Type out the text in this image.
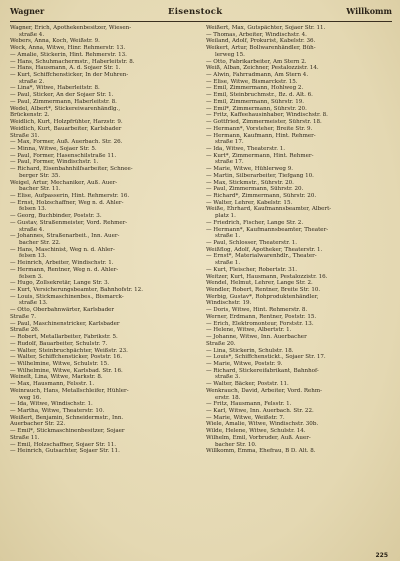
Wagner	Eisenstock	Willkomm
Wagner, Erich, Apothekenbesitzer, Wiesen-
straße 4.
Webers, Anna, Koch, Weißstr. 9.
Weck, Anna, Witwe, Hinr. Rehmerstr. 13.
— Amalie, Stickerin, Hint. Rehmerstr. 13.
— Hans, Schuhmachermstr., Haberleitstr. 8.
— Hans, Hausmann, A. d. Sojaer Str. 1.
— Kurt, Schiffchensticker, In der Muhren-
straße 2.
— Lina*, Witwe, Haberleitstr. 8.
— Paul, Sticker, An der Sojaer Str. 1.
— Paul, Zimmermann, Haberleitstr. 8.
Wedel, Albert*, Stickereiwarenhändlg.,
Brückenstr. 2.
Weidlich, Kurt, Holzpfrühter, Harzstr. 9.
Weidlich, Kurt, Bauarbeiter, Karlsbader
Straße 31.
— Max, Former, Auß. Auerbach. Str. 26.
— Minna, Witwe, Sojaer Str. 5.
— Paul, Former, Hasenschilstraße 11.
— Paul, Former, Windischstr. 1.
— Richard, Eisenbahnhilfsarbeiter, Schnee-
berger Str. 35.
Weigel, Artur, Mechaniker, Auß. Auer-
bacher Str. 11.
— Elise, Aufpasserin, Hint. Rehmerstr. 16.
— Ernst, Holzschaffner, Weg n. d. Ahler-
felsen 13.
— Georg, Buchbinder, Poststr. 3.
— Gustav, Straßenmeister, Vord. Rehmer-
straße 4.
— Johannes, Straßenarbeit., Inn. Auer-
bacher Str. 22.
— Hans, Maschinist, Weg n. d. Ahler-
felsen 13.
— Heinrich, Arbeiter, Windischstr. 1.
— Hermann, Rentner, Weg n. d. Ahler-
felsen 3.
— Hugo, Zollsekretär, Lange Str. 3.
— Kurt, Versicherungsbeamter, Bahnhofstr. 12.
— Louis, Stickmaschinenbes., Bismarck-
straße 13.
— Otto, Oberbahnwärter, Karlsbader
Straße 7.
— Paul, Maschinenstricker, Karlsbader
Straße 26.
— Robert, Metallarbeiter, Fabrikstr. 5.
— Rudolf, Bauarbeiter, Schulstr. 7.
— Walter, Steinbruchpächter, Weißstr. 23.
— Walter, Schiffchensticker, Poststr. 16.
— Wilhelmine, Witwe, Schulstr. 15.
— Wilhelmine, Witwe, Karlsbad. Str. 16.
Weinelt, Lina, Witwe, Markstr. 8.
— Max, Hausmann, Felsstr. 1.
Weinrauch, Hans, Metallschleifer, Hühler-
weg 16.
— Ida, Witwe, Windischstr. 1.
— Martha, Witwe, Theaterstr. 10.
Weißert, Benjamin, Schneidermstr., Inn.
Auerbacher Str. 22.
— Emil*, Stickmaschinenbesitzer, Sojaer
Straße 11.
— Emil, Holzschaffner, Sojaer Str. 11.
— Heinrich, Gutsachter, Sojaer Str. 11.
Weißert, Max, Gutspächter, Sojaer Str. 11.
— Thomas, Arbeiter, Windischstr. 4.
Weiland, Adolf, Prokurist, Kabelstr. 36.
Weikert, Artur, Bollwarenhändler, Büh-
lerweg 15.
— Otto, Fabrikarbeiter, Am Stern 2.
Weiß, Alban, Zeichner, Pestalozzistr. 14.
— Alwin, Fahrradmann, Am Stern 4.
— Elise, Witwe, Bismarckstr. 15.
— Emil, Zimmermann, Hohlweg 2.
— Emil, Steinbruchmstr., Bz. d. Alt. 6.
— Emil, Zimmermann, Sührstr. 19.
— Emil*, Zimmermann, Sührstr. 20.
— Fritz, Kaffeehausinhaber, Windischstr. 8.
— Gottfried, Zimmermeister, Sührstr. 18.
— Hermann*, Vorsteher, Breite Str. 9.
— Hermann, Kaufmann, Hint. Rehmer-
straße 17.
— Ida, Witwe, Theaterstr. 1.
— Kurt*, Zimmermann, Hint. Rehmer-
straße 17.
— Marie, Witwe, Hühlerweg 9.
— Martin, Silberarbeiter, Tiefgang 10.
— Max, Stickmstr., Sührstr. 20.
— Paul, Zimmermann, Sührstr. 20.
— Richard*, Zimmermann, Sührstr. 20.
— Walter, Lehrer, Kabelstr. 15.
Weiße, Ehrhard, Kaufmannsbeamter, Albert-
platz 1.
— Friedrich, Fischer, Lange Str. 2.
— Hermann*, Kaufmannsbeamter, Theater-
straße 1.
— Paul, Schlosser, Theaterstr. 1.
Weißflog, Adolf, Apotheker, Theaterstr. 1.
— Ernst*, Materialwarenhdlr., Theater-
straße 1.
— Kurt, Fleischer, Robertstr. 31.
Weitzer, Kurt, Hausmann, Pestalozzistr. 16.
Wendel, Helmut, Lehrer, Lange Str. 2.
Wendler, Robert, Rentner, Breite Str. 10.
Werbig, Gustav*, Rohproduktenhändler,
Windischstr. 19.
— Doris, Witwe, Hint. Rehmerstr. 8.
Werner, Erdmann, Rentner, Poststr. 15.
— Erich, Elektromonteur, Forststr. 13.
— Helene, Witwe, Albertstr. 1.
— Johanne, Witwe, Inn. Auerbacher
Straße 20.
— Lina, Stickerin, Schulstr. 18.
— Louis*, Schiffchenstickt., Sojaer Str. 17.
— Marie, Witwe, Poststr. 9.
— Richard, Stickereifabrikant, Bahnhof-
straße 3.
— Walter, Bäcker, Poststr. 11.
Wenkrauch, David, Arbeiter, Vord. Rehm-
erstr. 18.
— Fritz, Hausmann, Felsstr. 1.
— Karl, Witwe, Inn. Auerbach. Str. 22.
— Marie, Witwe, Weißstr. 7.
Wiele, Amalie, Witwe, Windischstr. 30b.
Wilde, Helene, Witwe, Schulstr. 14.
Wilhelm, Emil, Vorbruder, Auß. Auer-
bacher Str. 10.
Willkomm, Emma, Ehefrau, B D. Alt. 8.
225
